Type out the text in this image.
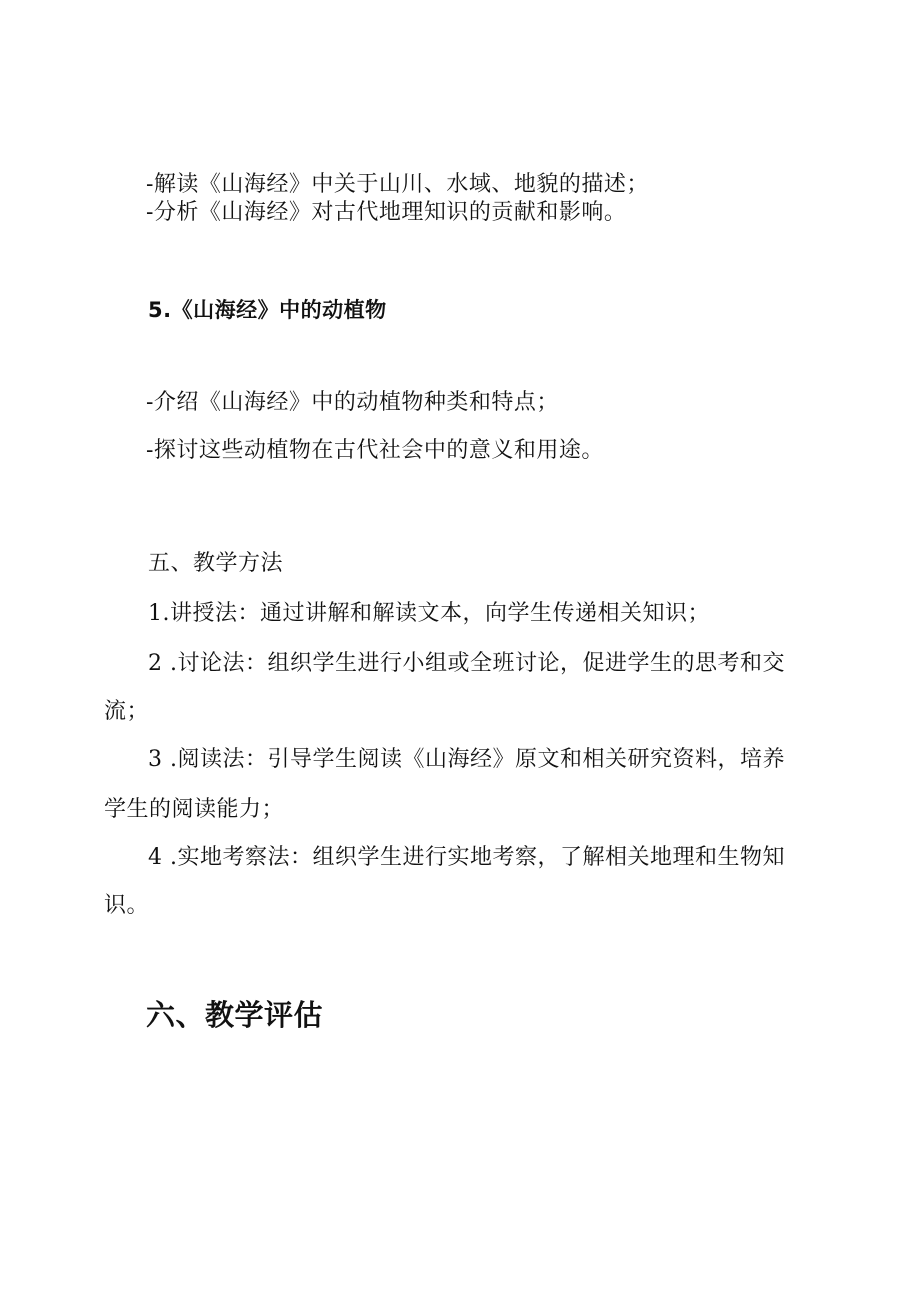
-解读《山海经》中关于山川、水域、地貌的描述；
-分析《山海经》对古代地理知识的贡献和影响。
5.《山海经》中的动植物
-介绍《山海经》中的动植物种类和特点；
-探讨这些动植物在古代社会中的意义和用途。
五、教学方法
1.讲授法：通过讲解和解读文本，向学生传递相关知识；
2 .讨论法：组织学生进行小组或全班讨论，促进学生的思考和交
流；
3 .阅读法：引导学生阅读《山海经》原文和相关研究资料，培养
学生的阅读能力；
4 .实地考察法：组织学生进行实地考察，了解相关地理和生物知
识。
六、教学评估
